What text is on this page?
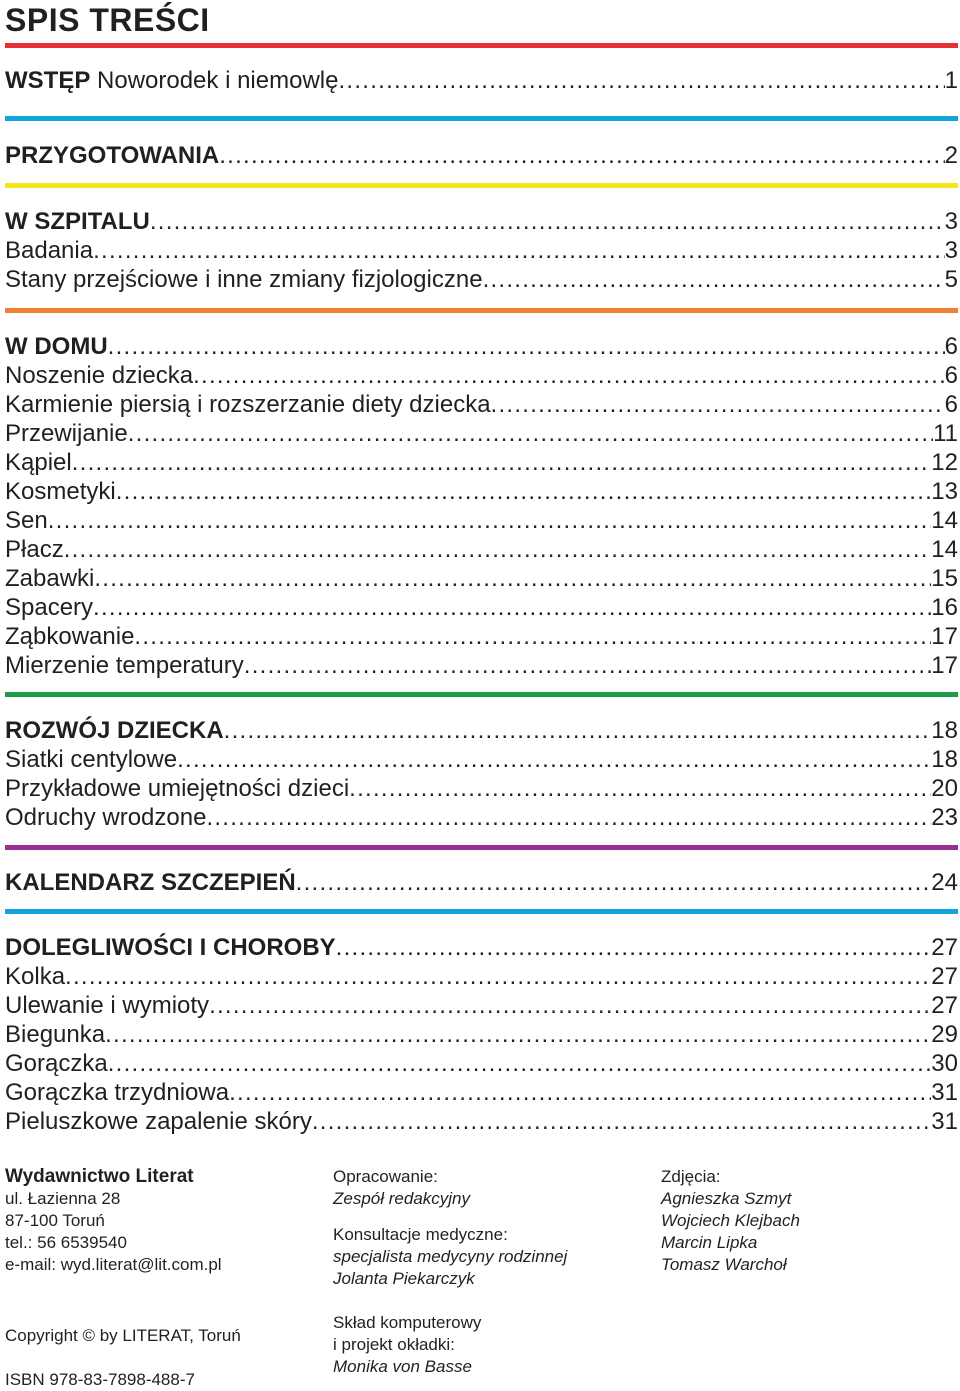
SPIS TREŚCI
WSTĘP Noworodek i niemowlę . . .	1
PRZYGOTOWANIA . . .	2
W SZPITALU . . .	3
Badania . . .	3
Stany przejściowe i inne zmiany fizjologiczne . . .	5
W DOMU . . .	6
Noszenie dziecka . . .	6
Karmienie piersią i rozszerzanie diety dziecka . . .	6
Przewijanie . . .	11
Kąpiel . . .	12
Kosmetyki . . .	13
Sen . . .	14
Płacz . . .	14
Zabawki . . .	15
Spacery . . .	16
Ząbkowanie . . .	17
Mierzenie temperatury . . .	17
ROZWÓJ DZIECKA . . .	18
Siatki centylowe . . .	18
Przykładowe umiejętności dzieci . . .	20
Odruchy wrodzone . . .	23
KALENDARZ SZCZEPIEŃ . . .	24
DOLEGLIWOŚCI I CHOROBY . . .	27
Kolka . . .	27
Ulewanie i wymioty . . .	27
Biegunka . . .	29
Gorączka . . .	30
Gorączka trzydniowa . . .	31
Pieluszkowe zapalenie skóry . . .	31
Wydawnictwo Literat
ul. Łazienna 28
87-100 Toruń
tel.: 56 6539540
e-mail: wyd.literat@lit.com.pl
Copyright © by LITERAT, Toruń
ISBN 978-83-7898-488-7
Opracowanie:
Zespół redakcyjny
Konsultacje medyczne:
specjalista medycyny rodzinnej
Jolanta Piekarczyk
Skład komputerowy
i projekt okładki:
Monika von Basse
Zdjęcia:
Agnieszka Szmyt
Wojciech Klejbach
Marcin Lipka
Tomasz Warchoł
